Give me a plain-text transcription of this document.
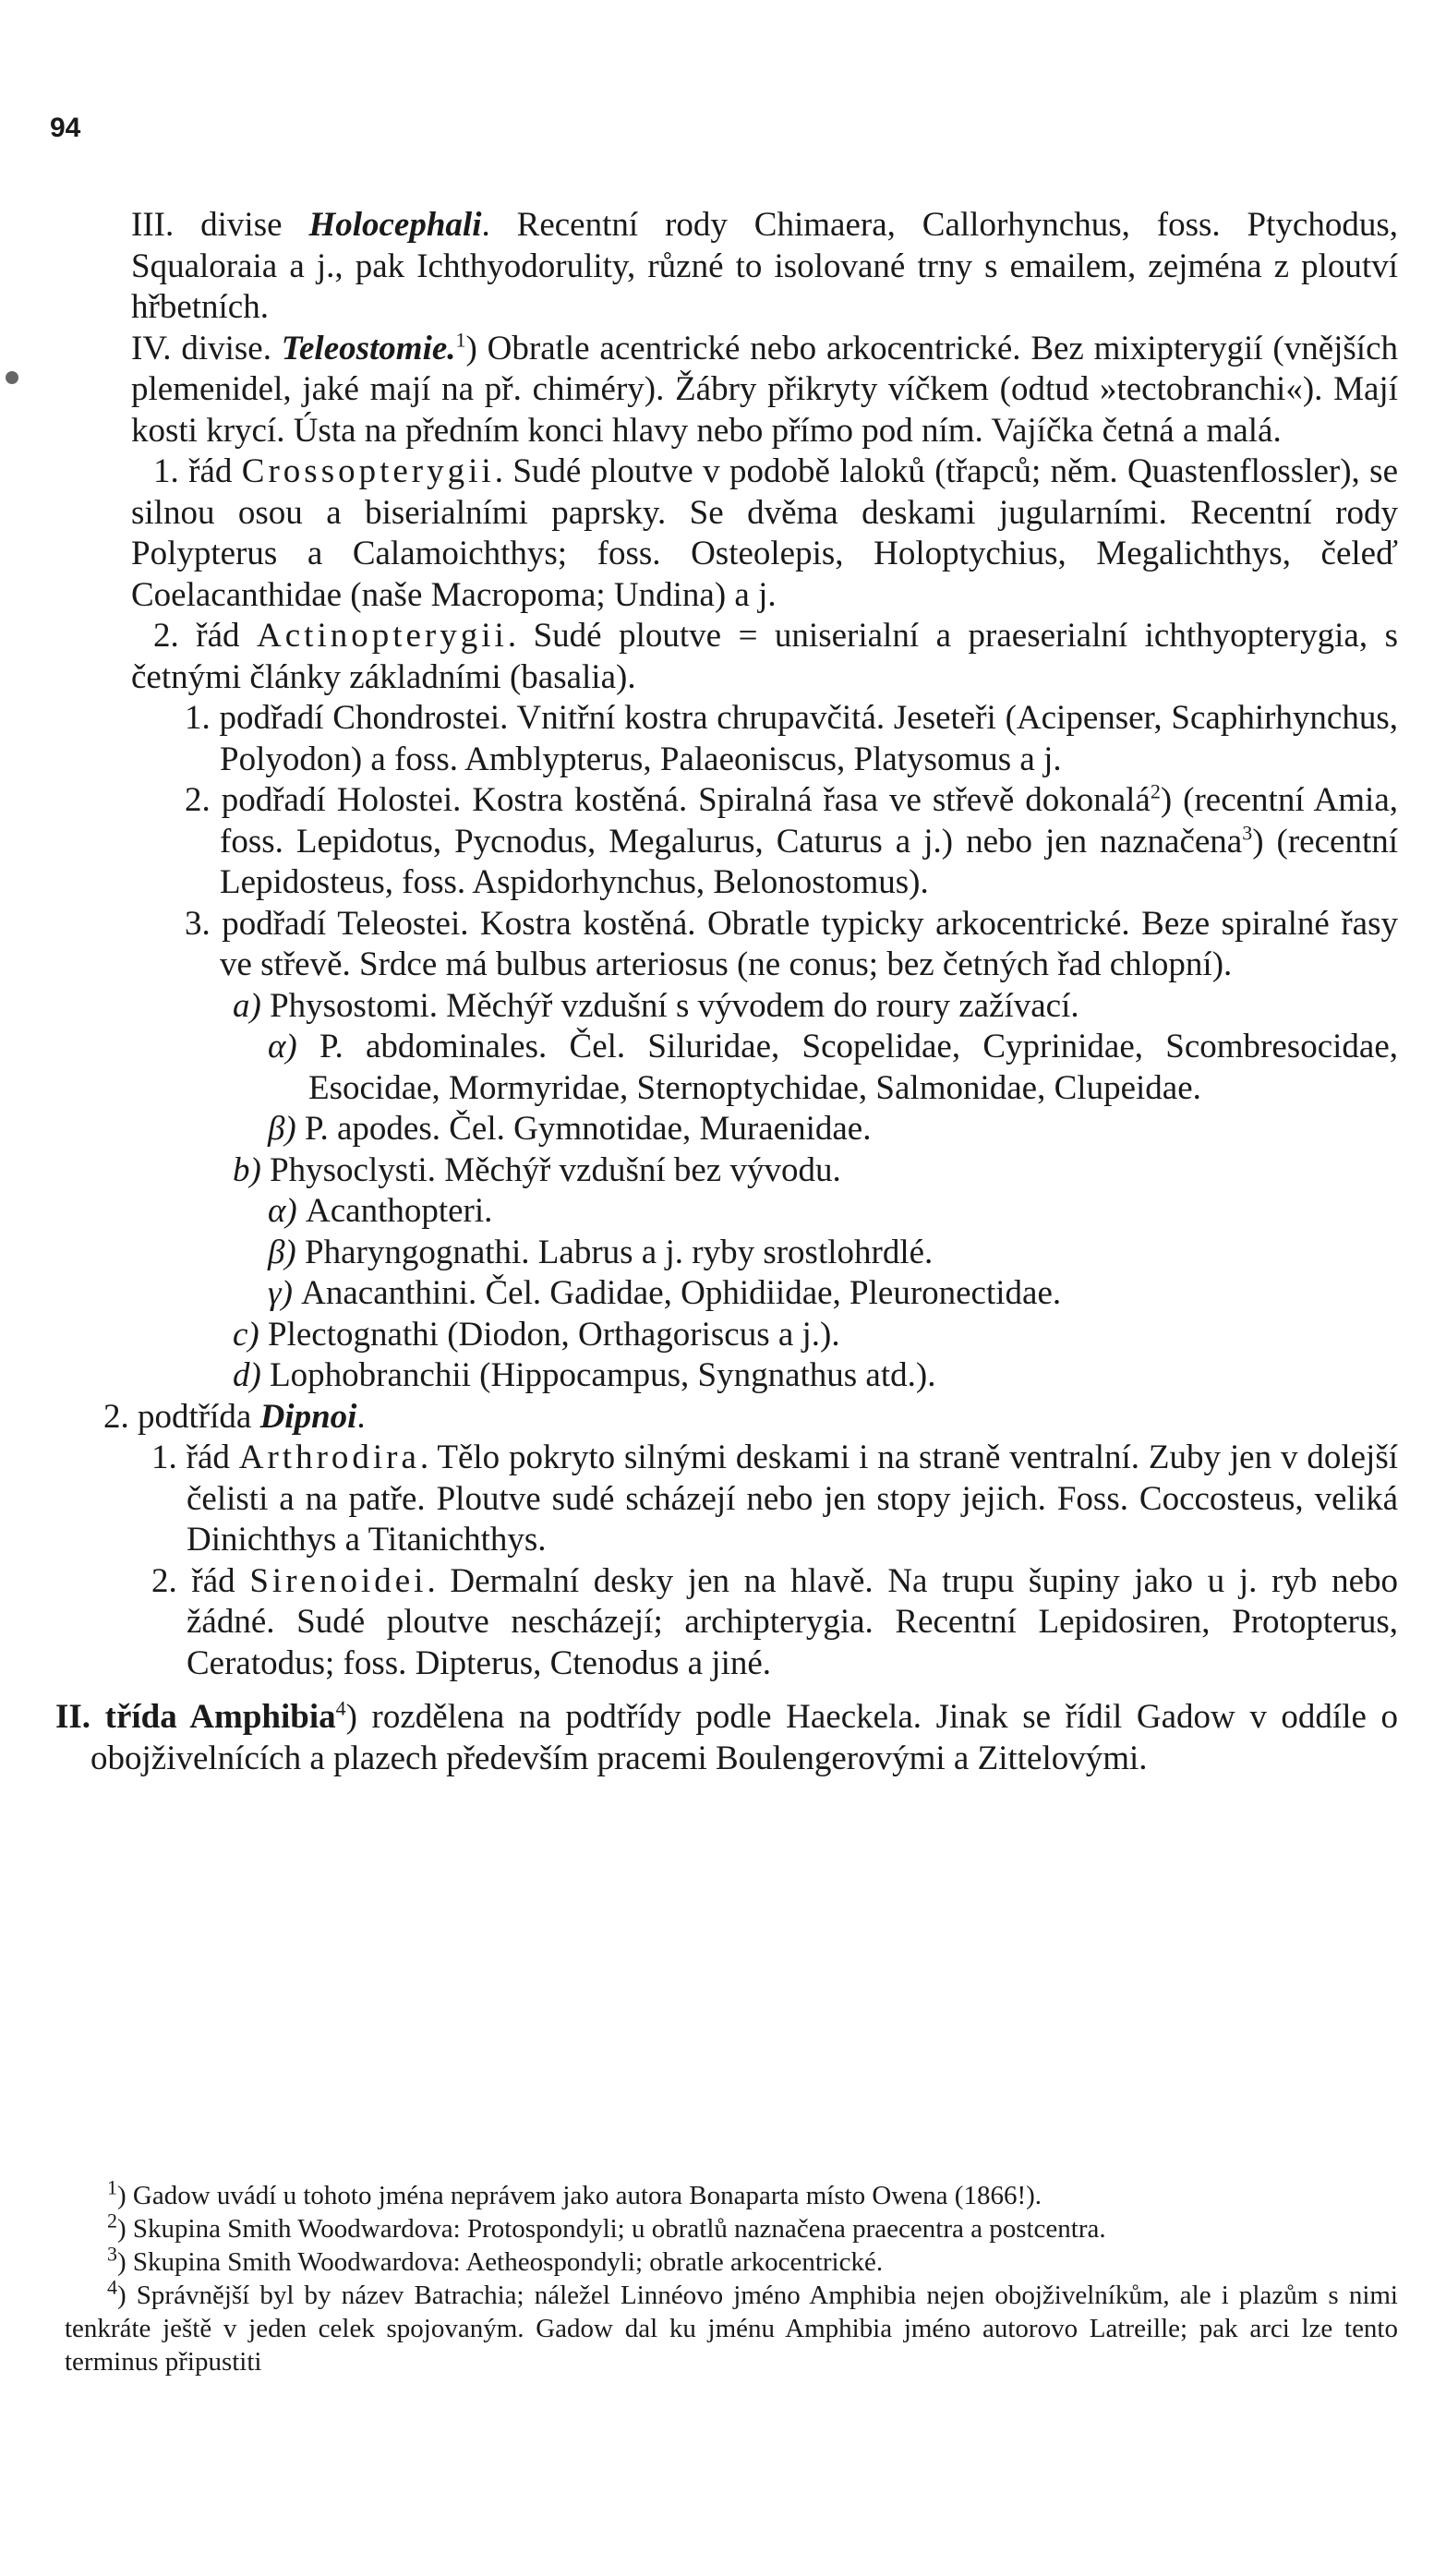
94

III. divise Holocephali. Recentní rody Chimaera, Callorhynchus, foss. Ptychodus, Squaloraia a j., pak Ichthyodorulity, různé to isolované trny s emailem, zejména z ploutví hřbetních.

IV. divise. Teleostomie.$^1$) Obratle acentrické nebo arkocentrické. Bez mixipterygií (vnějších plemenidel, jaké mají na př. chiméry). Žábry přikryty víčkem (odtud »tectobranchi«). Mají kosti krycí. Ústa na předním konci hlavy nebo přímo pod ním. Vajíčka četná a malá.

1. řád Crossopterygii. Sudé ploutve v podobě laloků (třapců; něm. Quastenflossler), se silnou osou a biserialními paprsky. Se dvěma deskami jugularními. Recentní rody Polypterus a Calamoichthys; foss. Osteolepis, Holoptychius, Megalichthys, čeleď Coelacanthidae (naše Macropoma; Undina) a j.

2. řád Actinopterygii. Sudé ploutve = uniserialní a praeserialní ichthyopterygia, s četnými články základními (basalia).

1. podřadí Chondrostei. Vnitřní kostra chrupavčitá. Jeseteři (Acipenser, Scaphirhynchus, Polyodon) a foss. Amblypterus, Palaeoniscus, Platysomus a j.

2. podřadí Holostei. Kostra kostěná. Spiralná řasa ve střevě dokonalá$^2$) (recentní Amia, foss. Lepidotus, Pycnodus, Megalurus, Caturus a j.) nebo jen naznačena$^3$) (recentní Lepidosteus, foss. Aspidorhynchus, Belonostomus).

3. podřadí Teleostei. Kostra kostěná. Obratle typicky arkocentrické. Beze spiralné řasy ve střevě. Srdce má bulbus arteriosus (ne conus; bez četných řad chlopní).

a) Physostomi. Měchýř vzdušní s vývodem do roury zažívací.

α) P. abdominales. Čel. Siluridae, Scopelidae, Cyprinidae, Scombresocidae, Esocidae, Mormyridae, Sternoptychidae, Salmonidae, Clupeidae.

β) P. apodes. Čel. Gymnotidae, Muraenidae.

b) Physoclysti. Měchýř vzdušní bez vývodu.

α) Acanthopteri.

β) Pharyngognathi. Labrus a j. ryby srostlohrdlé.

γ) Anacanthini. Čel. Gadidae, Ophidiidae, Pleuronectidae.

c) Plectognathi (Diodon, Orthagoriscus a j.).

d) Lophobranchii (Hippocampus, Syngnathus atd.).

2. podtřída Dipnoi.

1. řád Arthrodira. Tělo pokryto silnými deskami i na straně ventralní. Zuby jen v dolejší čelisti a na patře. Ploutve sudé scházejí nebo jen stopy jejich. Foss. Coccosteus, veliká Dinichthys a Titanichthys.

2. řád Sirenoidei. Dermalní desky jen na hlavě. Na trupu šupiny jako u j. ryb nebo žádné. Sudé ploutve nescházejí; archipterygia. Recentní Lepidosiren, Protopterus, Ceratodus; foss. Dipterus, Ctenodus a jiné.

II. třída Amphibia$^4$) rozdělena na podtřídy podle Haeckela. Jinak se řídil Gadow v oddíle o obojživelnících a plazech především pracemi Boulengerovými a Zittelovými.

$^1$) Gadow uvádí u tohoto jména neprávem jako autora Bonaparta místo Owena (1866!).

$^2$) Skupina Smith Woodwardova: Protospondyli; u obratlů naznačena praecentra a postcentra.

$^3$) Skupina Smith Woodwardova: Aetheospondyli; obratle arkocentrické.

$^4$) Správnější byl by název Batrachia; náležel Linnéovo jméno Amphibia nejen obojživelníkům, ale i plazům s nimi tenkráte ještě v jeden celek spojovaným. Gadow dal ku jménu Amphibia jméno autorovo Latreille; pak arci lze tento terminus připustiti
